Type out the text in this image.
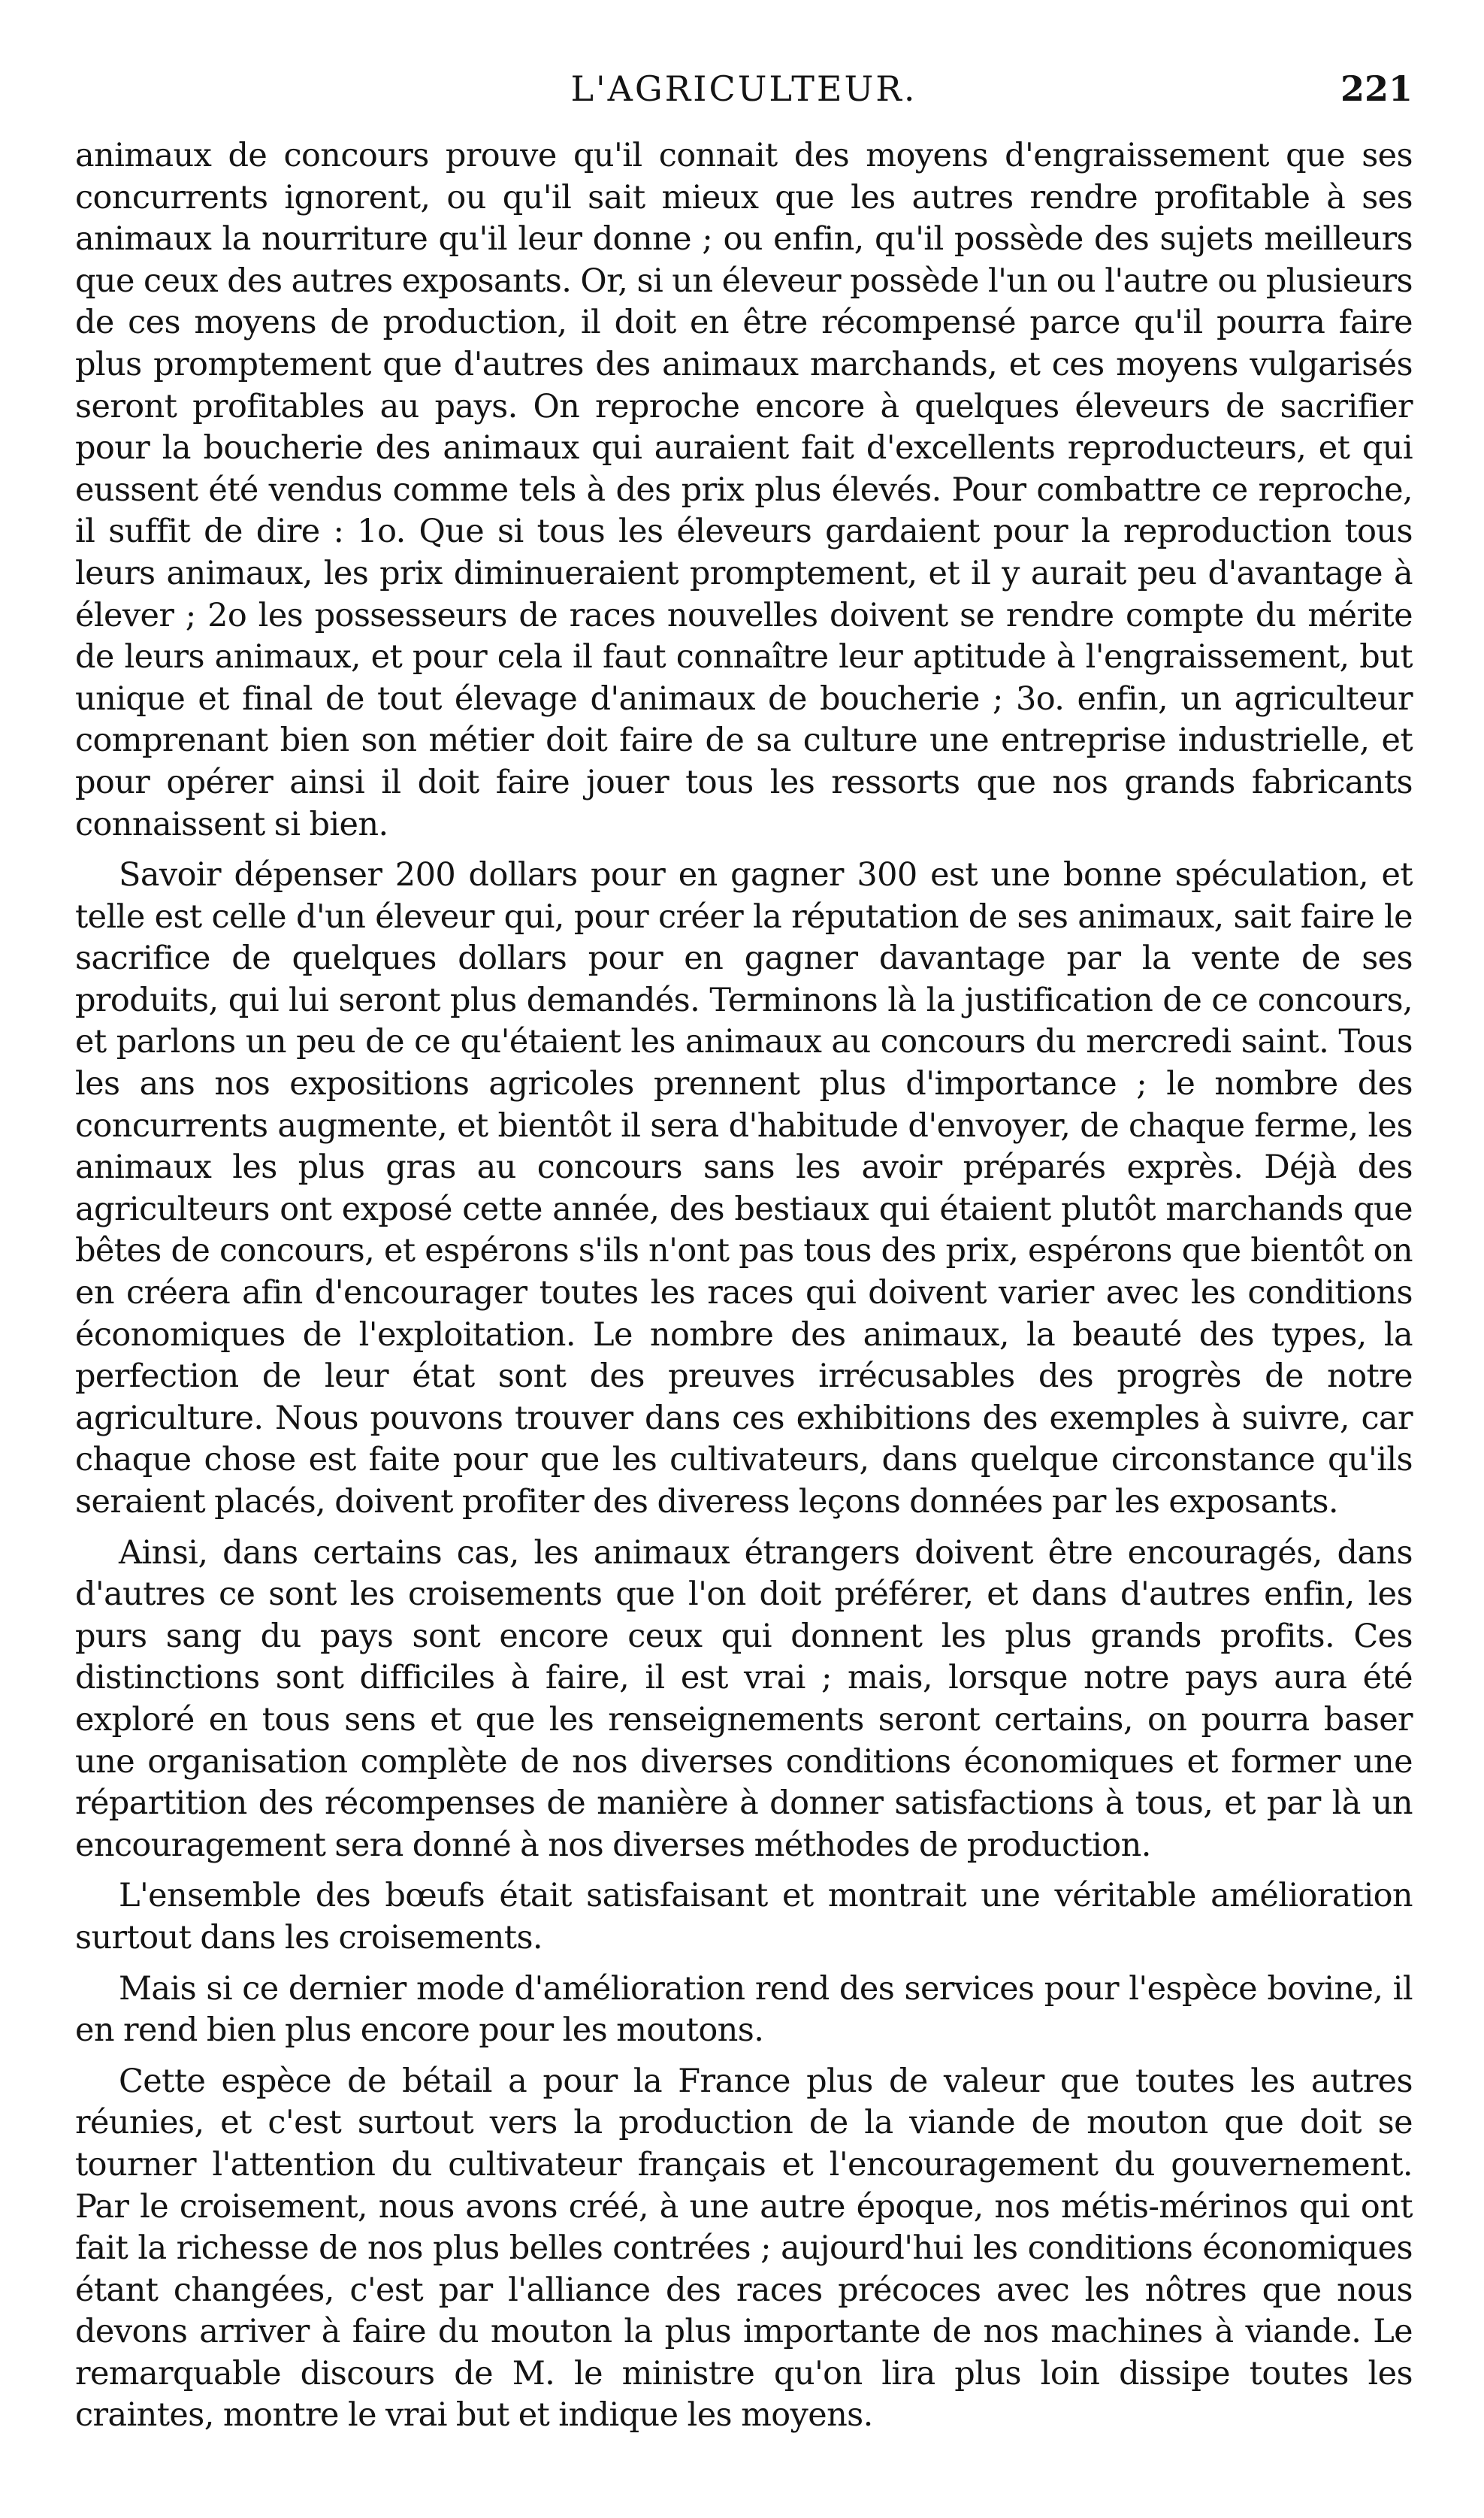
L'AGRICULTEUR.	221

animaux de concours prouve qu'il connait des moyens d'engraissement que ses concurrents ignorent, ou qu'il sait mieux que les autres rendre profitable à ses animaux la nourriture qu'il leur donne ; ou enfin, qu'il possède des sujets meilleurs que ceux des autres exposants. Or, si un éleveur possède l'un ou l'autre ou plusieurs de ces moyens de production, il doit en être récompensé parce qu'il pourra faire plus promptement que d'autres des animaux marchands, et ces moyens vulgarisés seront profitables au pays. On reproche encore à quelques éleveurs de sacrifier pour la boucherie des animaux qui auraient fait d'excellents reproducteurs, et qui eussent été vendus comme tels à des prix plus élevés. Pour combattre ce reproche, il suffit de dire : 1o. Que si tous les éleveurs gardaient pour la reproduction tous leurs animaux, les prix diminueraient promptement, et il y aurait peu d'avantage à élever ; 2o les possesseurs de races nouvelles doivent se rendre compte du mérite de leurs animaux, et pour cela il faut connaître leur aptitude à l'engraissement, but unique et final de tout élevage d'animaux de boucherie ; 3o. enfin, un agriculteur comprenant bien son métier doit faire de sa culture une entreprise industrielle, et pour opérer ainsi il doit faire jouer tous les ressorts que nos grands fabricants connaissent si bien.

Savoir dépenser 200 dollars pour en gagner 300 est une bonne spéculation, et telle est celle d'un éleveur qui, pour créer la réputation de ses animaux, sait faire le sacrifice de quelques dollars pour en gagner davantage par la vente de ses produits, qui lui seront plus demandés. Terminons là la justification de ce concours, et parlons un peu de ce qu'étaient les animaux au concours du mercredi saint. Tous les ans nos expositions agricoles prennent plus d'importance ; le nombre des concurrents augmente, et bientôt il sera d'habitude d'envoyer, de chaque ferme, les animaux les plus gras au concours sans les avoir préparés exprès. Déjà des agriculteurs ont exposé cette année, des bestiaux qui étaient plutôt marchands que bêtes de concours, et espérons s'ils n'ont pas tous des prix, espérons que bientôt on en créera afin d'encourager toutes les races qui doivent varier avec les conditions économiques de l'exploitation. Le nombre des animaux, la beauté des types, la perfection de leur état sont des preuves irrécusables des progrès de notre agriculture. Nous pouvons trouver dans ces exhibitions des exemples à suivre, car chaque chose est faite pour que les cultivateurs, dans quelque circonstance qu'ils seraient placés, doivent profiter des diveress leçons données par les exposants.

Ainsi, dans certains cas, les animaux étrangers doivent être encouragés, dans d'autres ce sont les croisements que l'on doit préférer, et dans d'autres enfin, les purs sang du pays sont encore ceux qui donnent les plus grands profits. Ces distinctions sont difficiles à faire, il est vrai ; mais, lorsque notre pays aura été exploré en tous sens et que les renseignements seront certains, on pourra baser une organisation complète de nos diverses conditions économiques et former une répartition des récompenses de manière à donner satisfactions à tous, et par là un encouragement sera donné à nos diverses méthodes de production.

L'ensemble des bœufs était satisfaisant et montrait une véritable amélioration surtout dans les croisements.

Mais si ce dernier mode d'amélioration rend des services pour l'espèce bovine, il en rend bien plus encore pour les moutons.

Cette espèce de bétail a pour la France plus de valeur que toutes les autres réunies, et c'est surtout vers la production de la viande de mouton que doit se tourner l'attention du cultivateur français et l'encouragement du gouvernement. Par le croisement, nous avons créé, à une autre époque, nos métis-mérinos qui ont fait la richesse de nos plus belles contrées ; aujourd'hui les conditions économiques étant changées, c'est par l'alliance des races précoces avec les nôtres que nous devons arriver à faire du mouton la plus importante de nos machines à viande. Le remarquable discours de M. le ministre qu'on lira plus loin dissipe toutes les craintes, montre le vrai but et indique les moyens.
